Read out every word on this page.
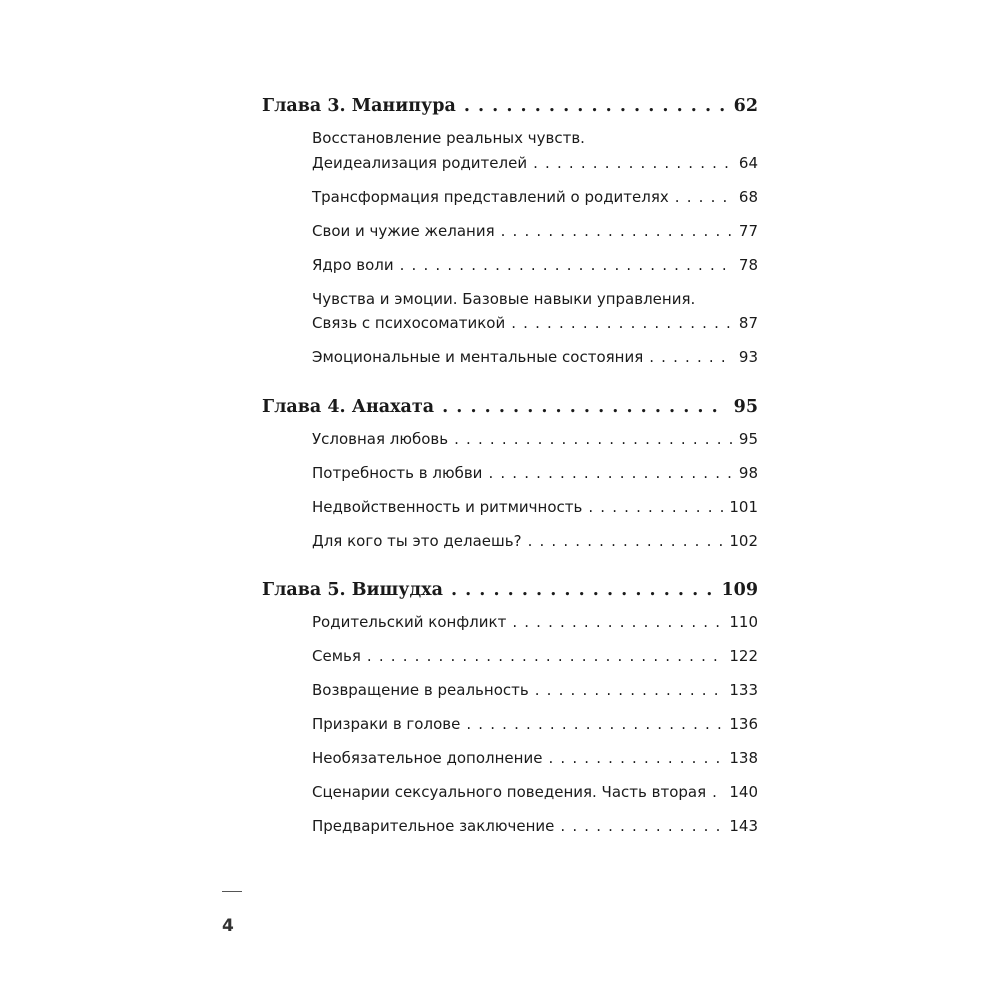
Глава 3. Манипура . . .	62
Восстановление реальных чувств.
Деидеализация родителей . . .	64
Трансформация представлений о родителях . . .	68
Свои и чужие желания . . .	77
Ядро воли . . .	78
Чувства и эмоции. Базовые навыки управления.
Связь с психосоматикой . . .	87
Эмоциональные и ментальные состояния . . .	93
Глава 4. Анахата . . .	95
Условная любовь . . .	95
Потребность в любви . . .	98
Недвойственность и ритмичность . . .	101
Для кого ты это делаешь? . . .	102
Глава 5. Вишудха . . .	109
Родительский конфликт . . .	110
Семья . . .	122
Возвращение в реальность . . .	133
Призраки в голове . . .	136
Необязательное дополнение . . .	138
Сценарии сексуального поведения. Часть вторая . . . 140
Предварительное заключение . . .	143
4
